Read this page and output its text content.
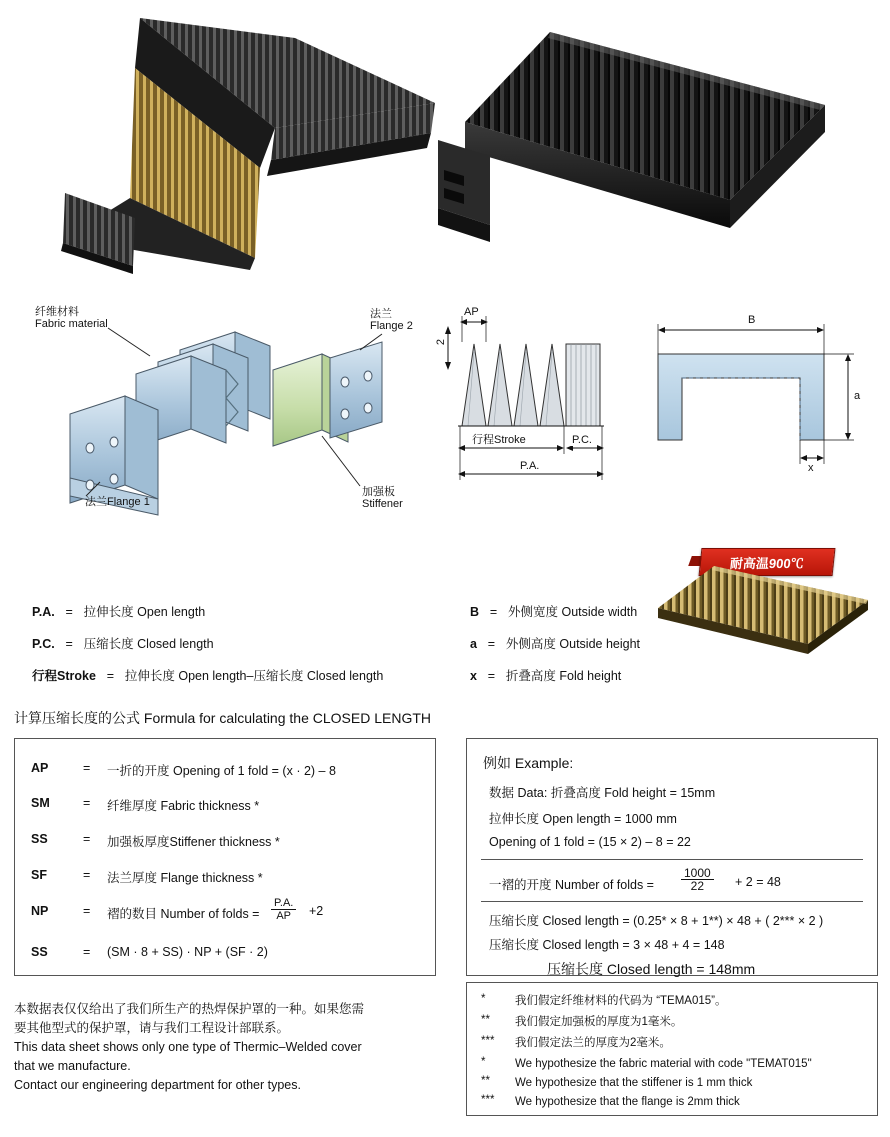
纤维材料
Fabric material
法兰
Flange 2
法兰Flange 1
加强板
Stiffener
AP
2
行程Stroke	P.C.
P.A.
B
a
x
耐高温900℃
P.A. = 拉伸长度 Open length
P.C. = 压缩长度 Closed length
行程Stroke = 拉伸长度 Open length–压缩长度 Closed length
B = 外侧宽度 Outside width
a = 外侧高度 Outside height
x = 折叠高度 Fold height
计算压缩长度的公式 Formula for calculating the CLOSED LENGTH
AP	= 一折的开度 Opening of 1 fold = (x · 2) – 8
SM	= 纤维厚度 Fabric thickness *
SS	= 加强板厚度Stiffener thickness *
SF	= 法兰厚度 Flange thickness *
NP	= 褶的数目 Number of folds = $\frac{P.A.}{AP} +2$
SS	= (SM · 8 + SS) · NP + (SF · 2)
例如 Example:
数据 Data: 折叠高度 Fold height = 15mm
拉伸长度 Open length = 1000 mm
Opening of 1 fold = (15 × 2) – 8 = 22
一褶的开度 Number of folds = $\frac{1000}{22} + 2 = 48$
压缩长度 Closed length = (0.25* × 8 + 1**) × 48 + ( 2*** × 2 )
压缩长度 Closed length = 3 × 48 + 4 = 148
压缩长度 Closed length = 148mm
本数据表仅仅给出了我们所生产的热焊保护罩的一种。如果您需
要其他型式的保护罩，请与我们工程设计部联系。
This data sheet shows only one type of Thermic–Welded cover
that we manufacture.
Contact our engineering department for other types.
*	我们假定纤维材料的代码为 “TEMA015”。
** 我们假定加强板的厚度为1毫米。
*** 我们假定法兰的厚度为2毫米。
*	We hypothesize the fabric material with code "TEMAT015"
** We hypothesize that the stiffener is 1 mm thick
*** We hypothesize that the flange is 2mm thick
